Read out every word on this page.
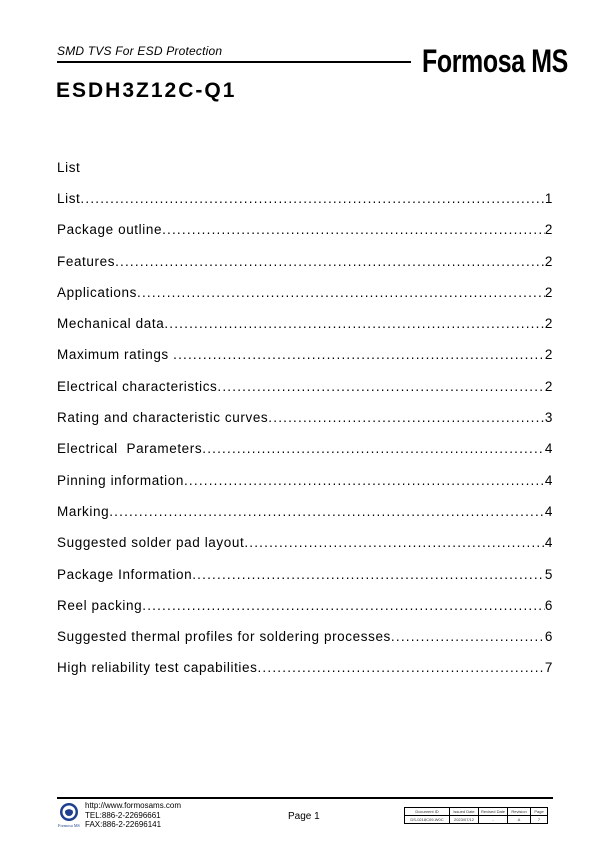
SMD TVS For ESD Protection	Formosa MS
ESDH3Z12C-Q1
List
List .....	1
Package outline .....	2
Features .....	2
Applications .....	2
Mechanical data .....	2
Maximum ratings .....	2
Electrical characteristics .....	2
Rating and characteristic curves .....	3
Electrical  Parameters .....	4
Pinning information .....	4
Marking .....	4
Suggested solder pad layout .....	4
Package Information .....	5
Reel packing .....	6
Suggested thermal profiles for soldering processes .....	6
High reliability test capabilities .....	7
Formosa MS
http://www.formosams.com
TEL:886-2-22696661
FAX:886-2-22696141
Page 1	Document ID	Issued Date	Revised Date	Revision	Page
DS-0218C09-W0C	2023/07/12	-	A	7
